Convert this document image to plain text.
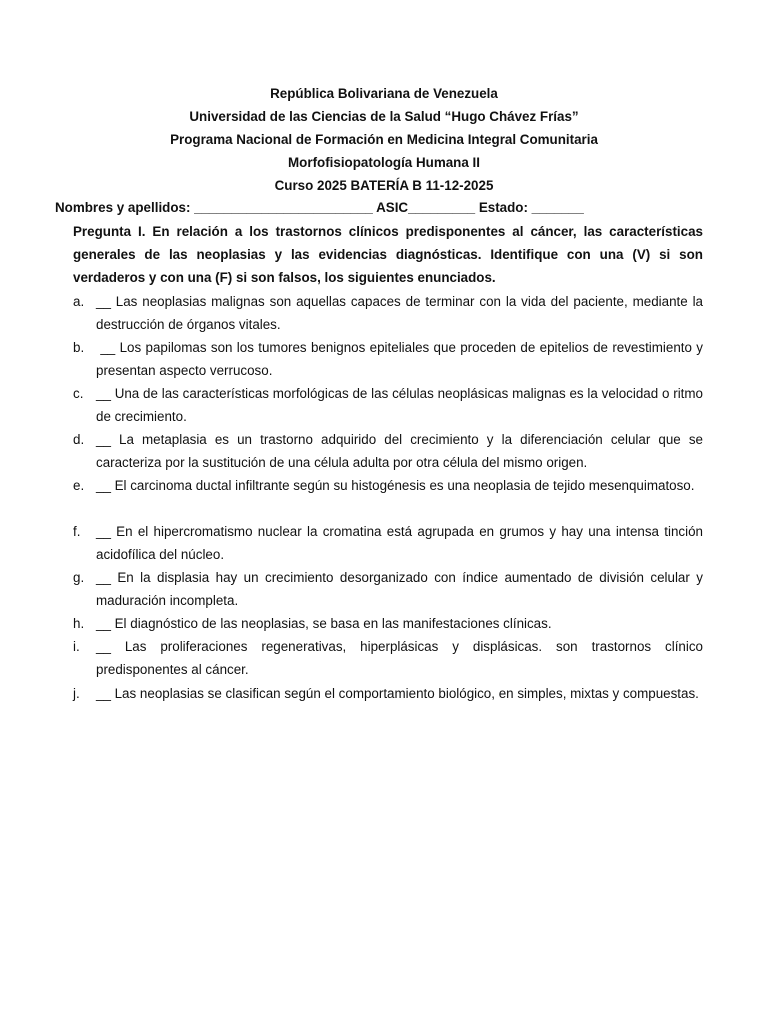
República Bolivariana de Venezuela
Universidad de las Ciencias de la Salud “Hugo Chávez Frías”
Programa Nacional de Formación en Medicina Integral Comunitaria
Morfofisiopatología Humana II
Curso 2025 BATERÍA B 11-12-2025
Nombres y apellidos: ________________________ ASIC_________ Estado: _______
Pregunta I. En relación a los trastornos clínicos predisponentes al cáncer, las características generales de las neoplasias y las evidencias diagnósticas. Identifique con una (V) si son verdaderos y con una (F) si son falsos, los siguientes enunciados.
a. __ Las neoplasias malignas son aquellas capaces de terminar con la vida del paciente, mediante la destrucción de órganos vitales.
b. __ Los papilomas son los tumores benignos epiteliales que proceden de epitelios de revestimiento y presentan aspecto verrucoso.
c. __ Una de las características morfológicas de las células neoplásicas malignas es la velocidad o ritmo de crecimiento.
d. __ La metaplasia es un trastorno adquirido del crecimiento y la diferenciación celular que se caracteriza por la sustitución de una célula adulta por otra célula del mismo origen.
e. __ El carcinoma ductal infiltrante según su histogénesis es una neoplasia de tejido mesenquimatoso.
f. __ En el hipercromatismo nuclear la cromatina está agrupada en grumos y hay una intensa tinción acidofílica del núcleo.
g. __ En la displasia hay un crecimiento desorganizado con índice aumentado de división celular y maduración incompleta.
h. __ El diagnóstico de las neoplasias, se basa en las manifestaciones clínicas.
i. __ Las proliferaciones regenerativas, hiperplásicas y displásicas. son trastornos clínico predisponentes al cáncer.
j. __ Las neoplasias se clasifican según el comportamiento biológico, en simples, mixtas y compuestas.
